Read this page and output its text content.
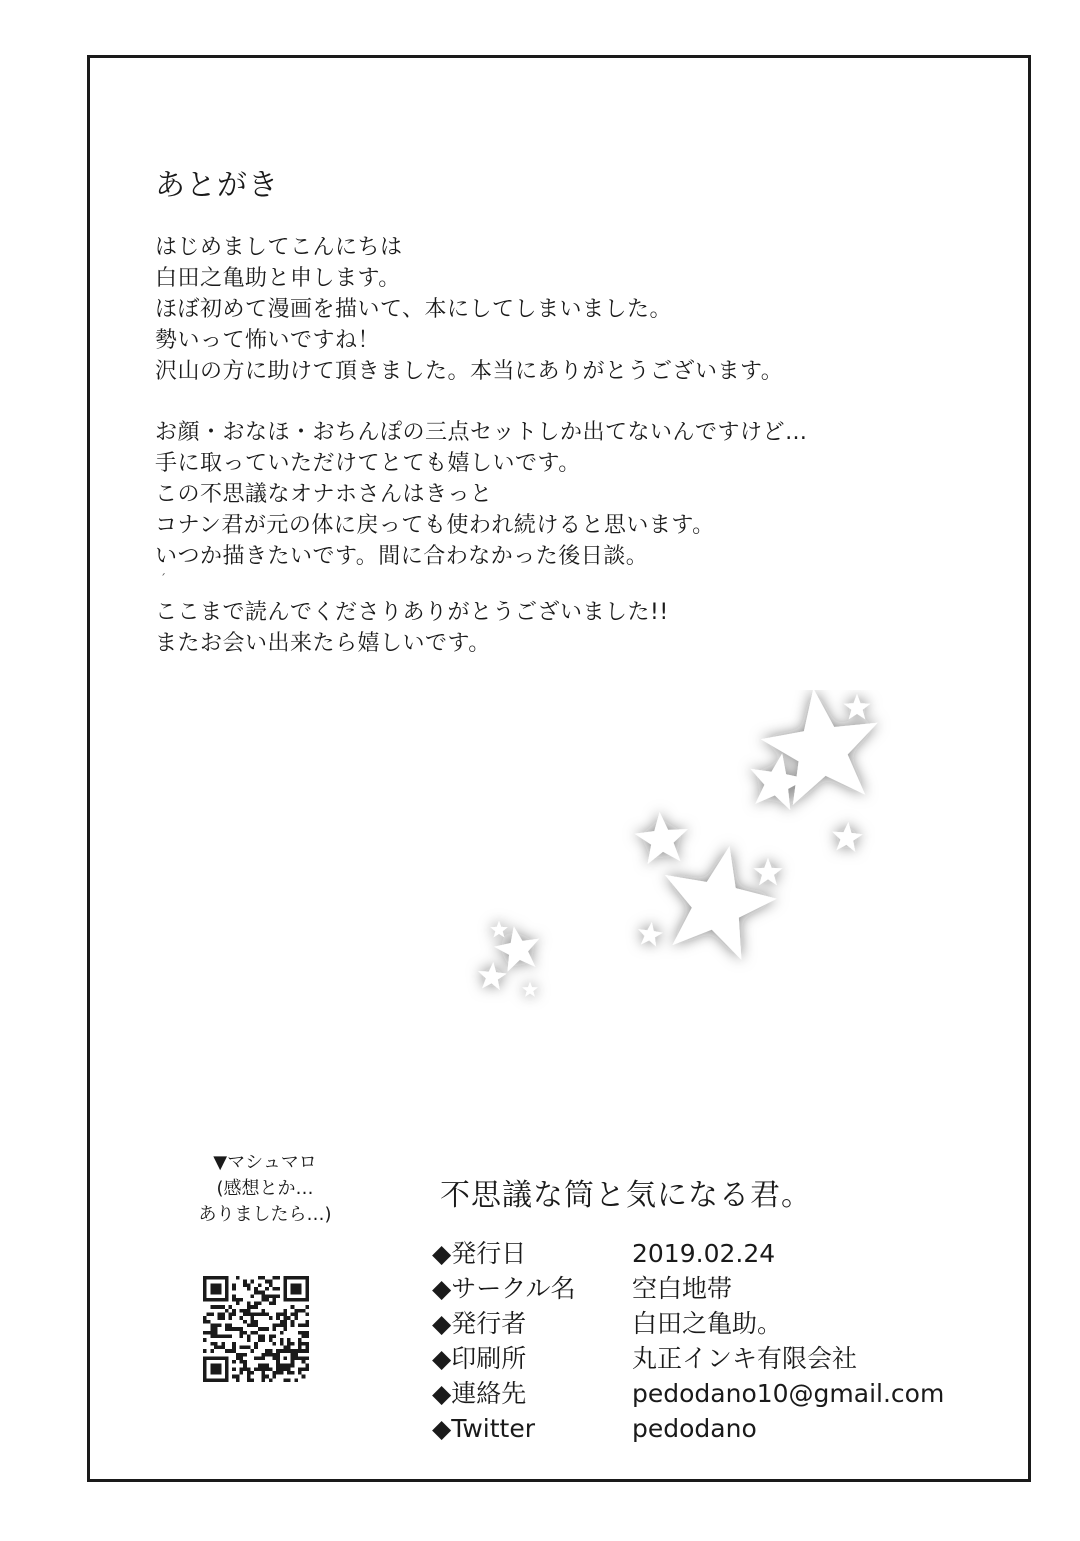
あとがき
はじめましてこんにちは
白田之亀助と申します。
ほぼ初めて漫画を描いて、本にしてしまいました。
勢いって怖いですね！
沢山の方に助けて頂きました。本当にありがとうございます。
お顔・おなほ・おちんぽの三点セットしか出てないんですけど…
手に取っていただけてとても嬉しいです。
この不思議なオナホさんはきっと
コナン君が元の体に戻っても使われ続けると思います。
いつか描きたいです。間に合わなかった後日談。
ここまで読んでくださりありがとうございました!!
またお会い出来たら嬉しいです。
▼マシュマロ
(感想とか…
ありましたら…)
不思議な筒と気になる君。
◆発行日	2019.02.24
◆サークル名	空白地帯
◆発行者	白田之亀助。
◆印刷所	丸正インキ有限会社
◆連絡先	pedodano10@gmail.com
◆Twitter	pedodano
´
